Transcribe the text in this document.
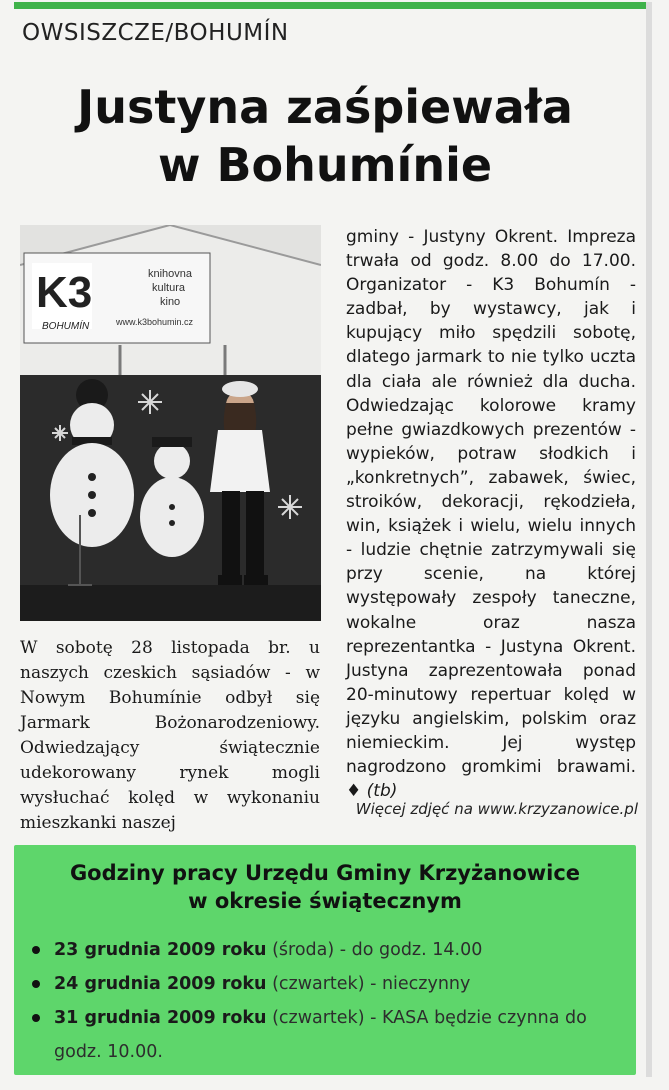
OWSISZCZE/BOHUMÍN
Justyna zaśpiewała
w Bohumínie
K3
BOHUMÍN
knihovna
kultura
kino
www.k3bohumin.cz

W sobotę 28 listopada br. u naszych czeskich sąsiadów - w Nowym Bohumínie odbył się Jarmark Bożonarodzeniowy. Odwiedzający świątecznie udekorowany rynek mogli wysłuchać kolęd w wykonaniu mieszkanki naszej

gminy - Justyny Okrent. Impreza trwała od godz. 8.00 do 17.00. Organizator - K3 Bohumín - zadbał, by wystawcy, jak i kupujący miło spędzili sobotę, dlatego jarmark to nie tylko uczta dla ciała ale również dla ducha. Odwiedzając kolorowe kramy pełne gwiazdkowych prezentów - wypieków, potraw słodkich i „konkretnych”, zabawek, świec, stroików, dekoracji, rękodzieła, win, książek i wielu, wielu innych - ludzie chętnie zatrzymywali się przy scenie, na której występowały zespoły taneczne, wokalne oraz nasza reprezentantka - Justyna Okrent. Justyna zaprezentowała ponad 20-minutowy repertuar kolęd w języku angielskim, polskim oraz niemieckim. Jej występ nagrodzono gromkimi brawami. ♦ (tb)

Więcej zdjęć na www.krzyzanowice.pl
Godziny pracy Urzędu Gminy Krzyżanowice
w okresie świątecznym
23 grudnia 2009 roku (środa) - do godz. 14.00
24 grudnia 2009 roku (czwartek) - nieczynny
31 grudnia 2009 roku (czwartek) - KASA będzie czynna do godz. 10.00.
